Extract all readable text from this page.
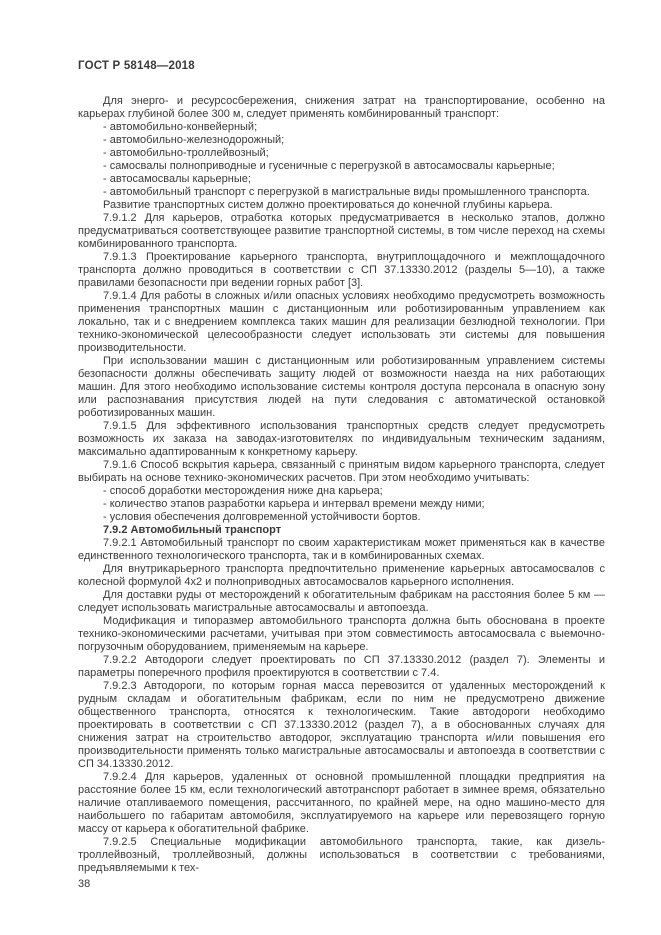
ГОСТ Р 58148—2018
Для энерго- и ресурсосбережения, снижения затрат на транспортирование, особенно на карьерах глубиной более 300 м, следует применять комбинированный транспорт:
- автомобильно-конвейерный;
- автомобильно-железнодорожный;
- автомобильно-троллейвозный;
- самосвалы полноприводные и гусеничные с перегрузкой в автосамосвалы карьерные;
- автосамосвалы карьерные;
- автомобильный транспорт с перегрузкой в магистральные виды промышленного транспорта.
Развитие транспортных систем должно проектироваться до конечной глубины карьера.
7.9.1.2 Для карьеров, отработка которых предусматривается в несколько этапов, должно предусматриваться соответствующее развитие транспортной системы, в том числе переход на схемы комбинированного транспорта.
7.9.1.3 Проектирование карьерного транспорта, внутриплощадочного и межплощадочного транспорта должно проводиться в соответствии с СП 37.13330.2012 (разделы 5—10), а также правилами безопасности при ведении горных работ [3].
7.9.1.4 Для работы в сложных и/или опасных условиях необходимо предусмотреть возможность применения транспортных машин с дистанционным или роботизированным управлением как локально, так и с внедрением комплекса таких машин для реализации безлюдной технологии. При технико-экономической целесообразности следует использовать эти системы для повышения производительности.
При использовании машин с дистанционным или роботизированным управлением системы безопасности должны обеспечивать защиту людей от возможности наезда на них работающих машин. Для этого необходимо использование системы контроля доступа персонала в опасную зону или распознавания присутствия людей на пути следования с автоматической остановкой роботизированных машин.
7.9.1.5 Для эффективного использования транспортных средств следует предусмотреть возможность их заказа на заводах-изготовителях по индивидуальным техническим заданиям, максимально адаптированным к конкретному карьеру.
7.9.1.6 Способ вскрытия карьера, связанный с принятым видом карьерного транспорта, следует выбирать на основе технико-экономических расчетов. При этом необходимо учитывать:
- способ доработки месторождения ниже дна карьера;
- количество этапов разработки карьера и интервал времени между ними;
- условия обеспечения долговременной устойчивости бортов.
7.9.2 Автомобильный транспорт
7.9.2.1 Автомобильный транспорт по своим характеристикам может применяться как в качестве единственного технологического транспорта, так и в комбинированных схемах.
Для внутрикарьерного транспорта предпочтительно применение карьерных автосамосвалов с колесной формулой 4х2 и полноприводных автосамосвалов карьерного исполнения.
Для доставки руды от месторождений к обогатительным фабрикам на расстояния более 5 км — следует использовать магистральные автосамосвалы и автопоезда.
Модификация и типоразмер автомобильного транспорта должна быть обоснована в проекте технико-экономическими расчетами, учитывая при этом совместимость автосамосвала с выемочно-погрузочным оборудованием, применяемым на карьере.
7.9.2.2 Автодороги следует проектировать по СП 37.13330.2012 (раздел 7). Элементы и параметры поперечного профиля проектируются в соответствии с 7.4.
7.9.2.3 Автодороги, по которым горная масса перевозится от удаленных месторождений к рудным складам и обогатительным фабрикам, если по ним не предусмотрено движение общественного транспорта, относятся к технологическим. Такие автодороги необходимо проектировать в соответствии с СП 37.13330.2012 (раздел 7), а в обоснованных случаях для снижения затрат на строительство автодорог, эксплуатацию транспорта и/или повышения его производительности применять только магистральные автосамосвалы и автопоезда в соответствии с СП 34.13330.2012.
7.9.2.4 Для карьеров, удаленных от основной промышленной площадки предприятия на расстояние более 15 км, если технологический автотранспорт работает в зимнее время, обязательно наличие отапливаемого помещения, рассчитанного, по крайней мере, на одно машино-место для наибольшего по габаритам автомобиля, эксплуатируемого на карьере или перевозящего горную массу от карьера к обогатительной фабрике.
7.9.2.5 Специальные модификации автомобильного транспорта, такие, как дизель-троллейвозный, троллейвозный, должны использоваться в соответствии с требованиями, предъявляемыми к тех-
38
